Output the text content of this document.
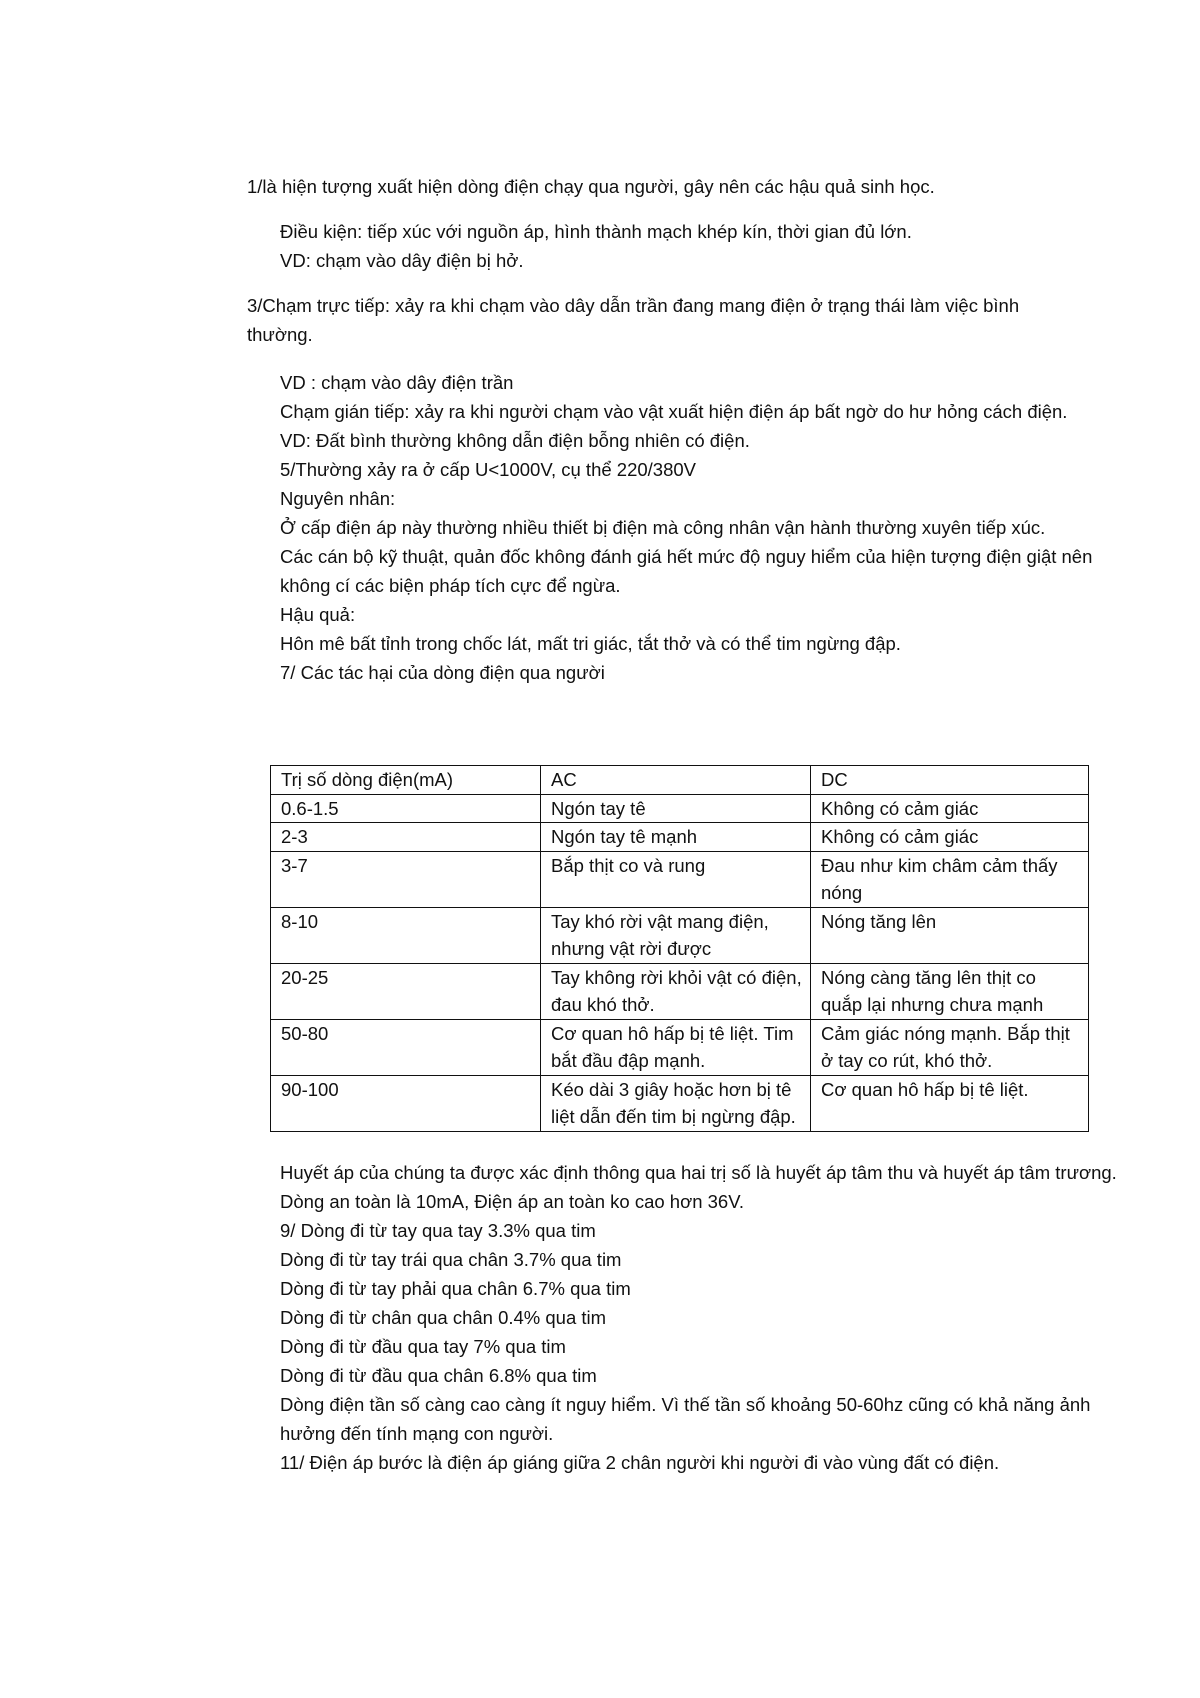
1/là hiện tượng xuất hiện dòng điện chạy qua người, gây nên các hậu quả sinh học.

Điều kiện: tiếp xúc với nguồn áp, hình thành mạch khép kín, thời gian đủ lớn.

VD: chạm vào dây điện bị hở.

3/Chạm trực tiếp: xảy ra khi chạm vào dây dẫn trần đang mang điện ở trạng thái làm việc bình thường.

VD : chạm vào dây điện trần

Chạm gián tiếp: xảy ra khi người chạm vào vật xuất hiện điện áp bất ngờ do hư hỏng cách điện.

VD: Đất bình thường không dẫn điện bỗng nhiên có điện.

5/Thường xảy ra ở cấp U<1000V, cụ thể 220/380V

Nguyên nhân:

Ở cấp điện áp này thường nhiều thiết bị điện mà công nhân vận hành thường xuyên tiếp xúc.

Các cán bộ kỹ thuật, quản đốc không đánh giá hết mức độ nguy hiểm của hiện tượng điện giật nên không cí các biện pháp tích cực để ngừa.

Hậu quả:

Hôn mê bất tỉnh trong chốc lát, mất tri giác, tắt thở và có thể tim ngừng đập.

7/ Các tác hại của dòng điện qua người

Trị số dòng điện(mA)	AC	DC
0.6-1.5	Ngón tay tê	Không có cảm giác
2-3	Ngón tay tê mạnh	Không có cảm giác
3-7	Bắp thịt co và rung	Đau như kim châm cảm thấy nóng
8-10	Tay khó rời vật mang điện, nhưng vật rời được	Nóng tăng lên
20-25	Tay không rời khỏi vật có điện, đau khó thở.	Nóng càng tăng lên thịt co quắp lại nhưng chưa mạnh
50-80	Cơ quan hô hấp bị tê liệt. Tim bắt đầu đập mạnh.	Cảm giác nóng mạnh. Bắp thịt ở tay co rút, khó thở.
90-100	Kéo dài 3 giây hoặc hơn bị tê liệt dẫn đến tim bị ngừng đập.	Cơ quan hô hấp bị tê liệt.

Huyết áp của chúng ta được xác định thông qua hai trị số là huyết áp tâm thu và huyết áp tâm trương.

Dòng an toàn là 10mA, Điện áp an toàn ko cao hơn 36V.

9/ Dòng đi từ tay qua tay 3.3% qua tim

Dòng đi từ tay trái qua chân 3.7% qua tim

Dòng đi từ tay phải qua chân 6.7% qua tim

Dòng đi từ chân qua chân 0.4% qua tim

Dòng đi từ đầu qua tay 7% qua tim

Dòng đi từ đầu qua chân 6.8% qua tim

Dòng điện tần số càng cao càng ít nguy hiểm. Vì thế tần số khoảng 50-60hz cũng có khả năng ảnh hưởng đến tính mạng con người.

11/ Điện áp bước là điện áp giáng giữa 2 chân người khi người đi vào vùng đất có điện.
